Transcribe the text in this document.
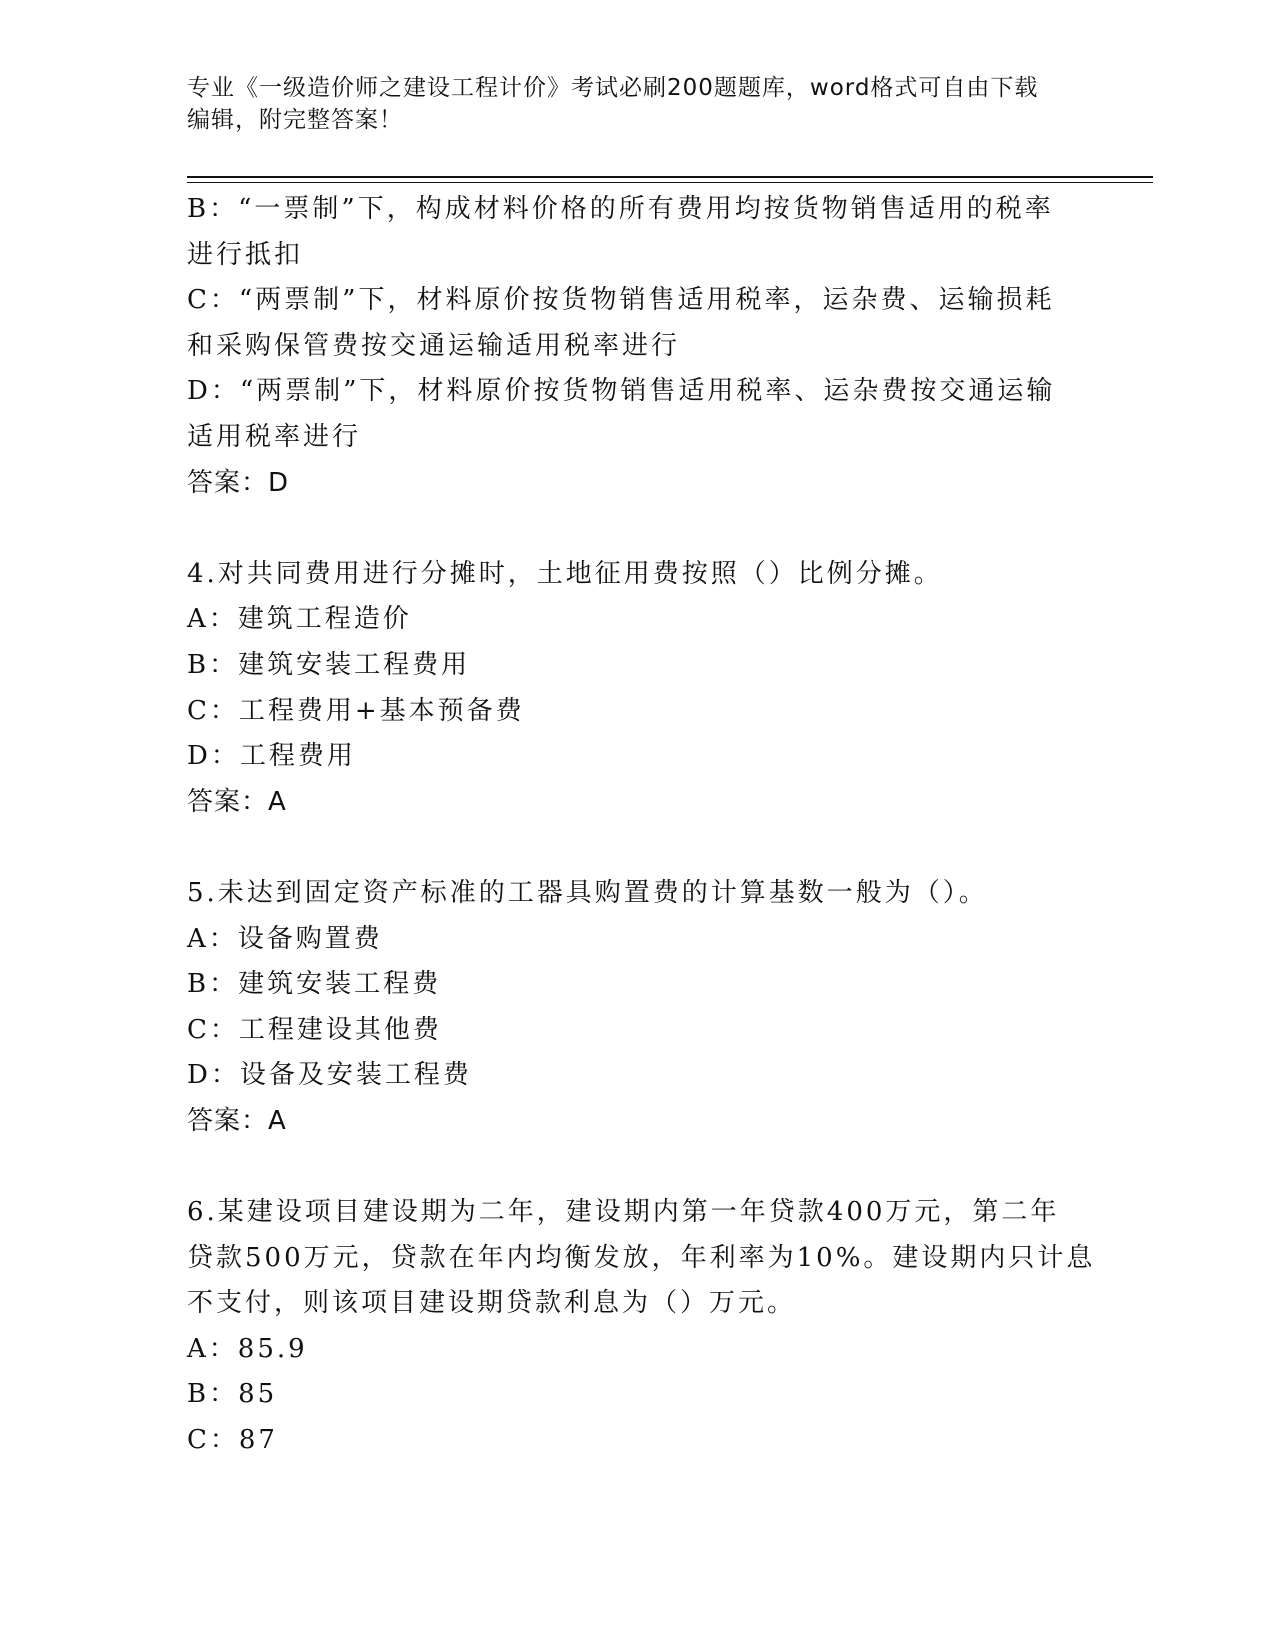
专业《一级造价师之建设工程计价》考试必刷200题题库，word格式可自由下载
编辑，附完整答案！
B：“一票制”下，构成材料价格的所有费用均按货物销售适用的税率
进行抵扣
C：“两票制”下，材料原价按货物销售适用税率，运杂费、运输损耗
和采购保管费按交通运输适用税率进行
D：“两票制”下，材料原价按货物销售适用税率、运杂费按交通运输
适用税率进行
答案：D
4.对共同费用进行分摊时，土地征用费按照（）比例分摊。
A：建筑工程造价
B：建筑安装工程费用
C：工程费用+基本预备费
D：工程费用
答案：A
5.未达到固定资产标准的工器具购置费的计算基数一般为（）。
A：设备购置费
B：建筑安装工程费
C：工程建设其他费
D：设备及安装工程费
答案：A
6.某建设项目建设期为二年，建设期内第一年贷款400万元，第二年
贷款500万元，贷款在年内均衡发放，年利率为10%。建设期内只计息
不支付，则该项目建设期贷款利息为（）万元。
A：85.9
B：85
C：87
